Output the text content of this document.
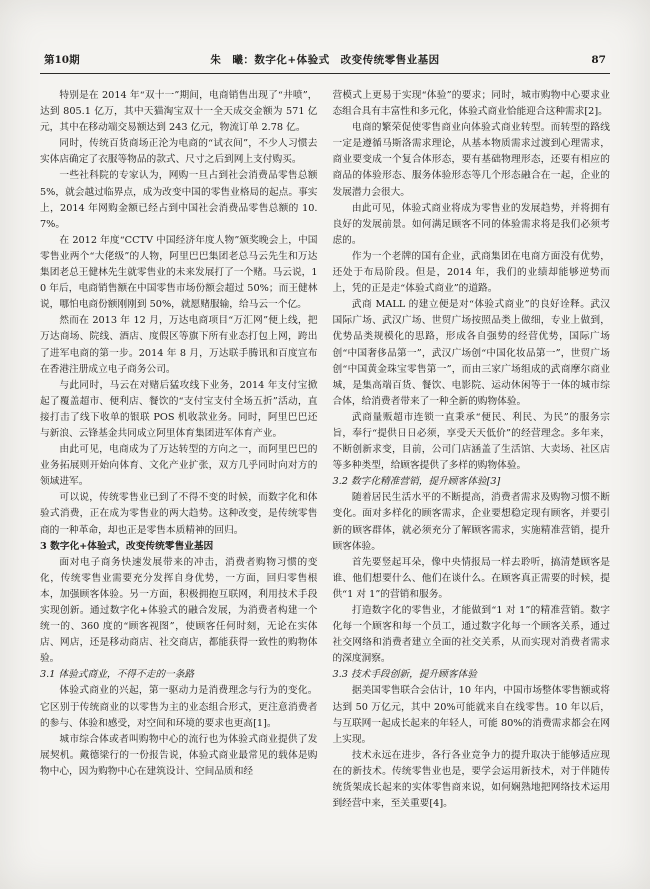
第10期	朱　曦：数字化+体验式　改变传统零售业基因	87

特别是在 2014 年“双十一”期间，电商销售出现了“井喷”，达到 805.1 亿万，其中天猫淘宝双十一全天成交金额为 571 亿元，其中在移动端交易额达到 243 亿元，物流订单 2.78 亿。

同时，传统百货商场正沦为电商的“试衣间”，不少人习惯去实体店确定了衣服等物品的款式、尺寸之后到网上支付购买。

一些社科院的专家认为，网购一旦占到社会消费品零售总额 5%，就会越过临界点，成为改变中国的零售业格局的起点。事实上，2014 年网购金额已经占到中国社会消费品零售总额的 10.7%。

在 2012 年度“CCTV 中国经济年度人物”颁奖晚会上，中国零售业两个“大佬级”的人物，阿里巴巴集团老总马云先生和万达集团老总王健林先生就零售业的未来发展打了一个赌。马云说，10 年后，电商销售额在中国零售市场份额会超过 50%；而王健林说，哪怕电商份额刚刚到 50%，就愿赌服输，给马云一个亿。

然而在 2013 年 12 月，万达电商项目“万汇网”便上线，把万达商场、院线、酒店、度假区等旗下所有业态打包上网，跨出了进军电商的第一步。2014 年 8 月，万达联手腾讯和百度宣布在香港注册成立电子商务公司。

与此同时，马云在对赌后猛攻线下业务，2014 年支付宝掀起了覆盖超市、便利店、餐饮的“支付宝支付全场五折”活动，直接打击了线下收单的银联 POS 机收款业务。同时，阿里巴巴还与新浪、云锋基金共同成立阿里体育集团进军体育产业。

由此可见，电商成为了万达转型的方向之一，而阿里巴巴的业务拓展则开始向体育、文化产业扩张，双方几乎同时向对方的领域进军。

可以说，传统零售业已到了不得不变的时候，而数字化和体验式消费，正在成为零售业的两大趋势。这种改变，是传统零售商的一种革命，却也正是零售本质精神的回归。

3 数字化+体验式，改变传统零售业基因

面对电子商务快速发展带来的冲击，消费者购物习惯的变化，传统零售业需要充分发挥自身优势，一方面，回归零售根本，加强顾客体验。另一方面，积极拥抱互联网，利用技术手段实现创新。通过数字化+体验式的融合发展，为消费者构建一个统一的、360 度的“顾客视图”，使顾客任何时刻，无论在实体店、网店，还是移动商店、社交商店，都能获得一致性的购物体验。

3.1 体验式商业，不得不走的一条路

体验式商业的兴起，第一驱动力是消费理念与行为的变化。它区别于传统商业的以零售为主的业态组合形式，更注意消费者的参与、体验和感受，对空间和环境的要求也更高[1]。

城市综合体或者叫购物中心的流行也为体验式商业提供了发展契机。戴德梁行的一份报告说，体验式商业最常见的载体是购物中心，因为购物中心在建筑设计、空间品质和经

营模式上更易于实现“体验”的要求；同时，城市购物中心要求业态组合具有丰富性和多元化，体验式商业恰能迎合这种需求[2]。

电商的繁荣促使零售商业向体验式商业转型。而转型的路线一定是遵循马斯洛需求理论，从基本物质需求过渡到心理需求，商业要变成一个复合体形态，要有基础物理形态，还要有相应的商品的体验形态、服务体验形态等几个形态融合在一起，企业的发展潜力会很大。

由此可见，体验式商业将成为零售业的发展趋势，并将拥有良好的发展前景。如何满足顾客不同的体验需求将是我们必须考虑的。

作为一个老牌的国有企业，武商集团在电商方面没有优势，还处于布局阶段。但是，2014 年，我们的业绩却能够逆势而上，凭的正是走“体验式商业”的道路。

武商 MALL 的建立便是对“体验式商业”的良好诠释。武汉国际广场、武汉广场、世贸广场按照品类上做细，专业上做到，优势品类规模化的思路，形成各自强势的经营优势，国际广场创“中国奢侈品第一”，武汉广场创“中国化妆品第一”，世贸广场创“中国黄金珠宝零售第一”，而由三家广场组成的武商摩尔商业城，是集高端百货、餐饮、电影院、运动休闲等于一体的城市综合体，给消费者带来了一种全新的购物体验。

武商量贩超市连锁一直秉承“便民、利民、为民”的服务宗旨，奉行“提供日日必须，享受天天低价”的经营理念。多年来，不断创新求变，目前，公司门店涵盖了生活馆、大卖场、社区店等多种类型，给顾客提供了多样的购物体验。

3.2 数字化精准营销，提升顾客体验[3]

随着居民生活水平的不断提高，消费者需求及购物习惯不断变化。面对多样化的顾客需求，企业要想稳定现有顾客，并要引新的顾客群体，就必须充分了解顾客需求，实施精准营销，提升顾客体验。

首先要竖起耳朵，像中央情报局一样去聆听，搞清楚顾客是谁、他们想要什么、他们在谈什么。在顾客真正需要的时候，提供“1 对 1”的营销和服务。

打造数字化的零售业，才能做到“1 对 1”的精准营销。数字化每一个顾客和每一个员工，通过数字化每一个顾客关系，通过社交网络和消费者建立全面的社交关系，从而实现对消费者需求的深度洞察。

3.3 技术手段创新，提升顾客体验

据美国零售联合会估计，10 年内，中国市场整体零售额或将达到 50 万亿元，其中 20%可能就来自在线零售。10 年以后，与互联网一起成长起来的年轻人，可能 80%的消费需求都会在网上实现。

技术永远在进步，各行各业竞争力的提升取决于能够适应现在的新技术。传统零售业也是，要学会运用新技术，对于伴随传统货架成长起来的实体零售商来说，如何娴熟地把网络技术运用到经营中来，至关重要[4]。
